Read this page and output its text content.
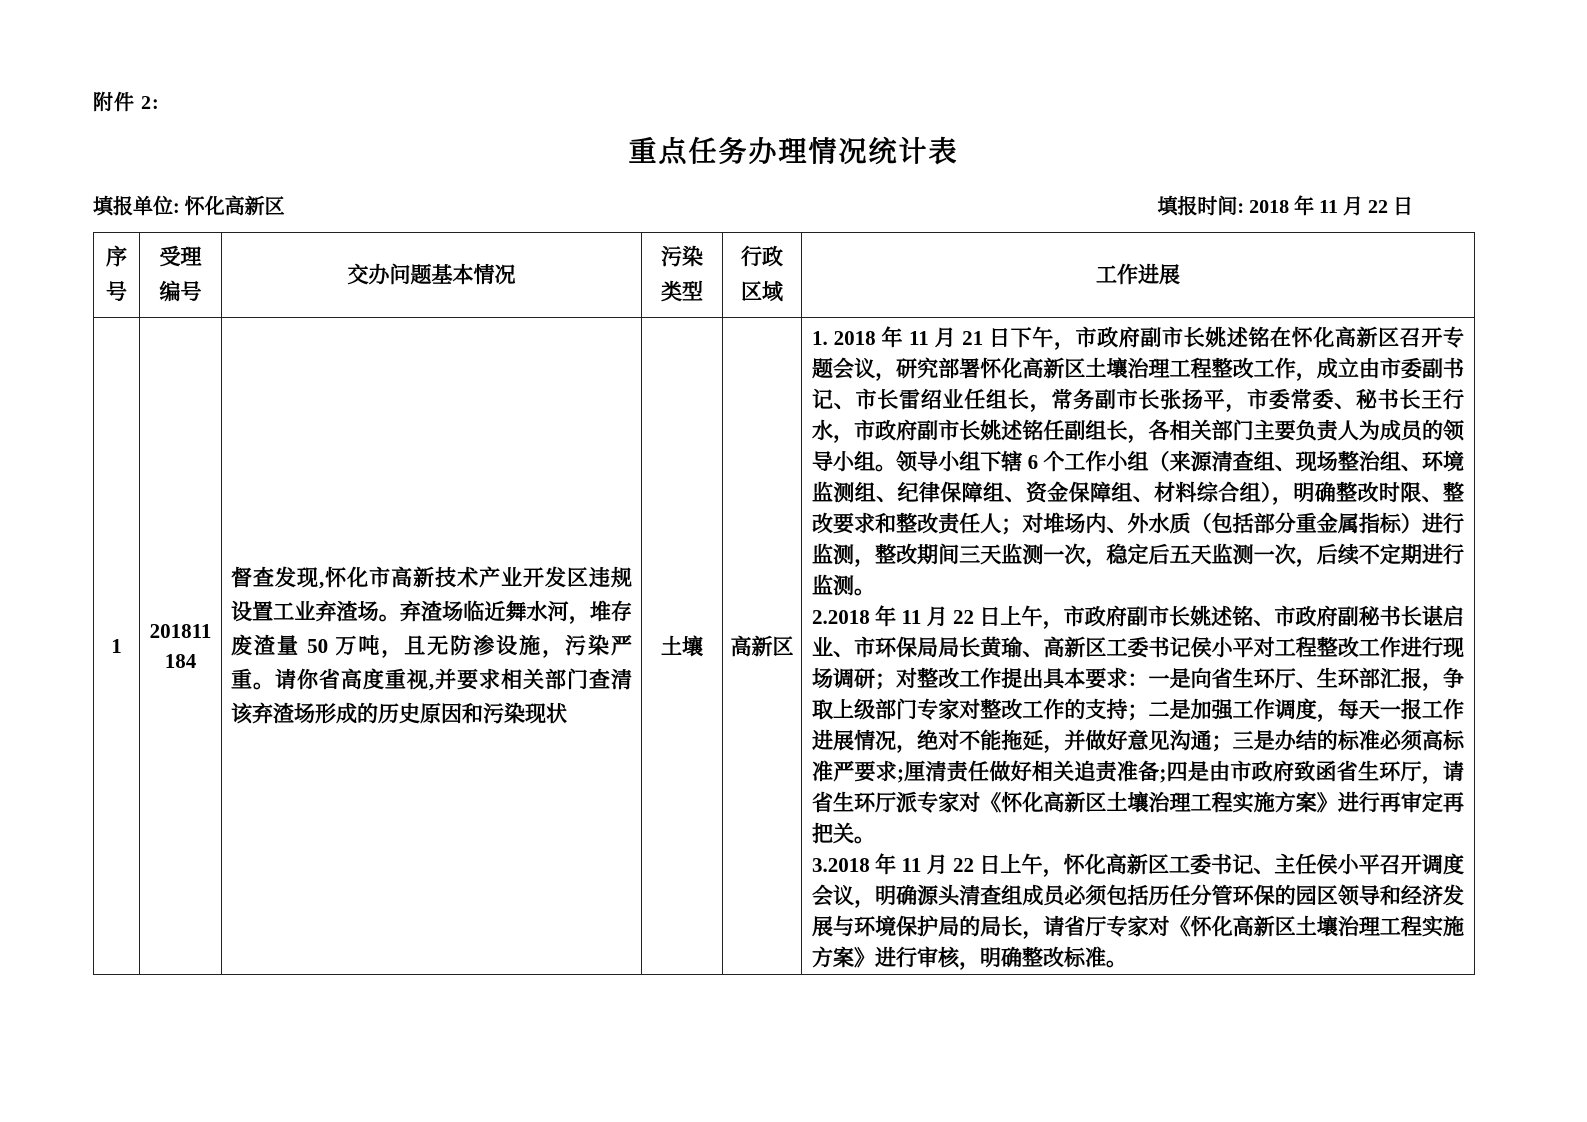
附件 2:
重点任务办理情况统计表
填报单位: 怀化高新区	填报时间: 2018 年 11 月 22 日
序号	受理编号	交办问题基本情况	污染类型	行政区域	工作进展
1	201811184	督查发现,怀化市高新技术产业开发区违规设置工业弃渣场。弃渣场临近舞水河，堆存废渣量 50 万吨，且无防渗设施，污染严重。请你省高度重视,并要求相关部门查清该弃渣场形成的历史原因和污染现状	土壤	高新区	1. 2018 年 11 月 21 日下午，市政府副市长姚述铭在怀化高新区召开专题会议，研究部署怀化高新区土壤治理工程整改工作，成立由市委副书记、市长雷绍业任组长，常务副市长张扬平，市委常委、秘书长王行水，市政府副市长姚述铭任副组长，各相关部门主要负责人为成员的领导小组。领导小组下辖 6 个工作小组（来源清查组、现场整治组、环境监测组、纪律保障组、资金保障组、材料综合组），明确整改时限、整改要求和整改责任人；对堆场内、外水质（包括部分重金属指标）进行监测，整改期间三天监测一次，稳定后五天监测一次，后续不定期进行监测。

2.2018 年 11 月 22 日上午，市政府副市长姚述铭、市政府副秘书长谌启业、市环保局局长黄瑜、高新区工委书记侯小平对工程整改工作进行现场调研；对整改工作提出具本要求：一是向省生环厅、生环部汇报，争取上级部门专家对整改工作的支持；二是加强工作调度，每天一报工作进展情况，绝对不能拖延，并做好意见沟通；三是办结的标准必须高标准严要求;厘清责任做好相关追责准备;四是由市政府致函省生环厅，请省生环厅派专家对《怀化高新区土壤治理工程实施方案》进行再审定再把关。

3.2018 年 11 月 22 日上午，怀化高新区工委书记、主任侯小平召开调度会议，明确源头清查组成员必须包括历任分管环保的园区领导和经济发展与环境保护局的局长，请省厅专家对《怀化高新区土壤治理工程实施方案》进行审核，明确整改标准。
